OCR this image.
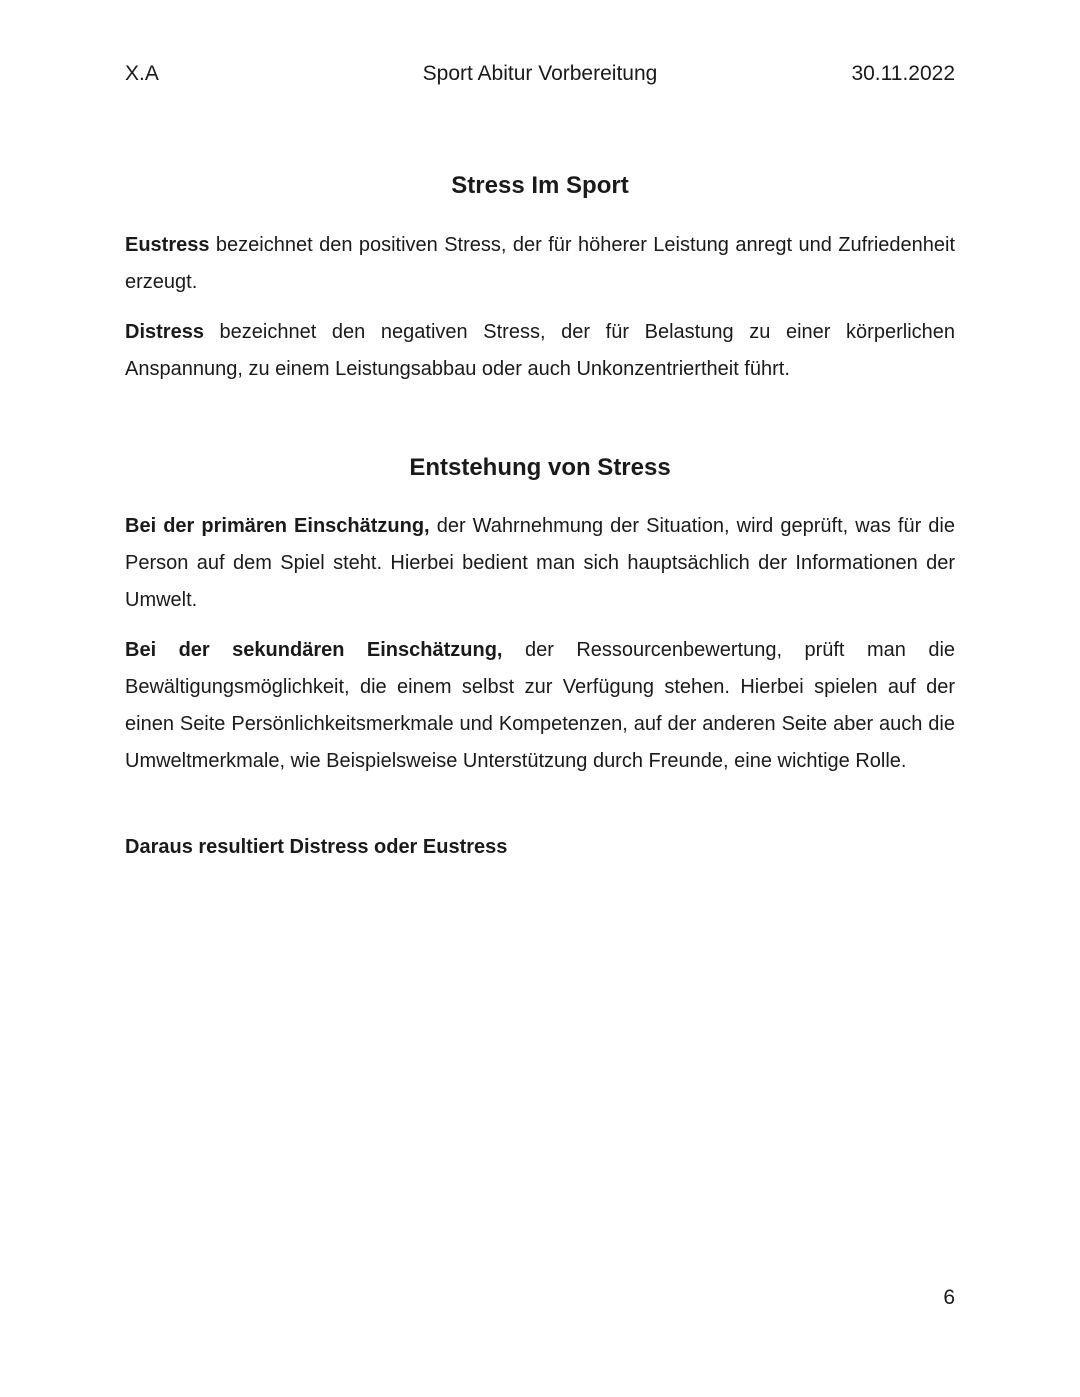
X.A	Sport Abitur Vorbereitung	30.11.2022
Stress Im Sport

Eustress bezeichnet den positiven Stress, der für höherer Leistung anregt und Zufriedenheit erzeugt.

Distress bezeichnet den negativen Stress, der für Belastung zu einer körperlichen Anspannung, zu einem Leistungsabbau oder auch Unkonzentriertheit führt.

Entstehung von Stress

Bei der primären Einschätzung, der Wahrnehmung der Situation, wird geprüft, was für die Person auf dem Spiel steht. Hierbei bedient man sich hauptsächlich der Informationen der Umwelt.

Bei der sekundären Einschätzung, der Ressourcenbewertung, prüft man die Bewältigungsmöglichkeit, die einem selbst zur Verfügung stehen. Hierbei spielen auf der einen Seite Persönlichkeitsmerkmale und Kompetenzen, auf der anderen Seite aber auch die Umweltmerkmale, wie Beispielsweise Unterstützung durch Freunde, eine wichtige Rolle.

Daraus resultiert Distress oder Eustress

6
